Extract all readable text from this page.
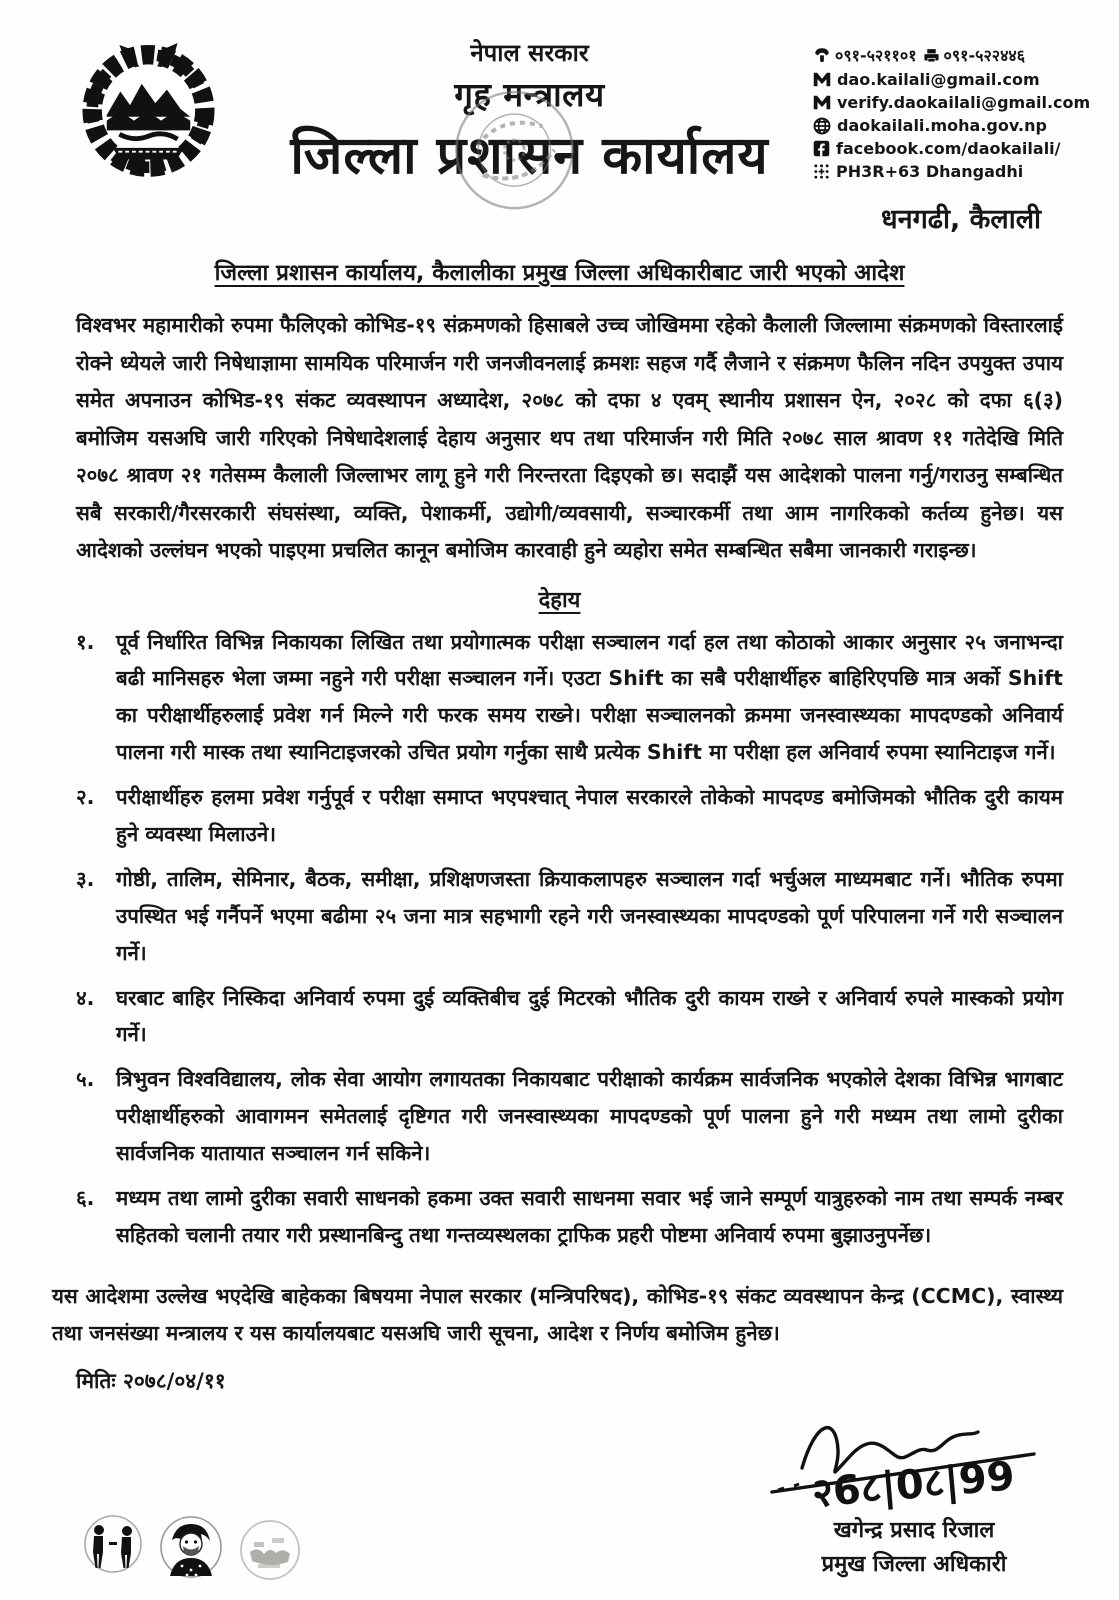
नेपाल सरकार
गृह मन्त्रालय
जिल्ला प्रशासन कार्यालय
०९१-५२११०१ ०९१-५२२४४६
dao.kailali@gmail.com
verify.daokailali@gmail.com
daokailali.moha.gov.np
facebook.com/daokailali/
PH3R+63 Dhangadhi
धनगढी, कैलाली
जिल्ला प्रशासन कार्यालय, कैलालीका प्रमुख जिल्ला अधिकारीबाट जारी भएको आदेश
विश्वभर महामारीको रुपमा फैलिएको कोभिड-१९ संक्रमणको हिसाबले उच्च जोखिममा रहेको कैलाली जिल्लामा संक्रमणको विस्तारलाई रोक्ने ध्येयले जारी निषेधाज्ञामा सामयिक परिमार्जन गरी जनजीवनलाई क्रमशः सहज गर्दै लैजाने र संक्रमण फैलिन नदिन उपयुक्त उपाय समेत अपनाउन कोभिड-१९ संकट व्यवस्थापन अध्यादेश, २०७८ को दफा ४ एवम् स्थानीय प्रशासन ऐन, २०२८ को दफा ६(३) बमोजिम यसअघि जारी गरिएको निषेधादेशलाई देहाय अनुसार थप तथा परिमार्जन गरी मिति २०७८ साल श्रावण ११ गतेदेखि मिति २०७८ श्रावण २१ गतेसम्म कैलाली जिल्लाभर लागू हुने गरी निरन्तरता दिइएको छ। सदाझैं यस आदेशको पालना गर्नु/गराउनु सम्बन्धित सबै सरकारी/गैरसरकारी संघसंस्था, व्यक्ति, पेशाकर्मी, उद्योगी/व्यवसायी, सञ्चारकर्मी तथा आम नागरिकको कर्तव्य हुनेछ। यस आदेशको उल्लंघन भएको पाइएमा प्रचलित कानून बमोजिम कारवाही हुने व्यहोरा समेत सम्बन्धित सबैमा जानकारी गराइन्छ।
देहाय
१.	पूर्व निर्धारित विभिन्न निकायका लिखित तथा प्रयोगात्मक परीक्षा सञ्चालन गर्दा हल तथा कोठाको आकार अनुसार २५ जनाभन्दा बढी मानिसहरु भेला जम्मा नहुने गरी परीक्षा सञ्चालन गर्ने। एउटा Shift का सबै परीक्षार्थीहरु बाहिरिएपछि मात्र अर्को Shift का परीक्षार्थीहरुलाई प्रवेश गर्न मिल्ने गरी फरक समय राख्ने। परीक्षा सञ्चालनको क्रममा जनस्वास्थ्यका मापदण्डको अनिवार्य पालना गरी मास्क तथा स्यानिटाइजरको उचित प्रयोग गर्नुका साथै प्रत्येक Shift मा परीक्षा हल अनिवार्य रुपमा स्यानिटाइज गर्ने।
२.	परीक्षार्थीहरु हलमा प्रवेश गर्नुपूर्व र परीक्षा समाप्त भएपश्चात् नेपाल सरकारले तोकेको मापदण्ड बमोजिमको भौतिक दुरी कायम हुने व्यवस्था मिलाउने।
३.	गोष्ठी, तालिम, सेमिनार, बैठक, समीक्षा, प्रशिक्षणजस्ता क्रियाकलापहरु सञ्चालन गर्दा भर्चुअल माध्यमबाट गर्ने। भौतिक रुपमा उपस्थित भई गर्नैपर्ने भएमा बढीमा २५ जना मात्र सहभागी रहने गरी जनस्वास्थ्यका मापदण्डको पूर्ण परिपालना गर्ने गरी सञ्चालन गर्ने।
४.	घरबाट बाहिर निस्किदा अनिवार्य रुपमा दुई व्यक्तिबीच दुई मिटरको भौतिक दुरी कायम राख्ने र अनिवार्य रुपले मास्कको प्रयोग गर्ने।
५.	त्रिभुवन विश्वविद्यालय, लोक सेवा आयोग लगायतका निकायबाट परीक्षाको कार्यक्रम सार्वजनिक भएकोले देशका विभिन्न भागबाट परीक्षार्थीहरुको आवागमन समेतलाई दृष्टिगत गरी जनस्वास्थ्यका मापदण्डको पूर्ण पालना हुने गरी मध्यम तथा लामो दुरीका सार्वजनिक यातायात सञ्चालन गर्न सकिने।
६.	मध्यम तथा लामो दुरीका सवारी साधनको हकमा उक्त सवारी साधनमा सवार भई जाने सम्पूर्ण यात्रुहरुको नाम तथा सम्पर्क नम्बर सहितको चलानी तयार गरी प्रस्थानबिन्दु तथा गन्तव्यस्थलका ट्राफिक प्रहरी पोष्टमा अनिवार्य रुपमा बुझाउनुपर्नेछ।
यस आदेशमा उल्लेख भएदेखि बाहेकका बिषयमा नेपाल सरकार (मन्त्रिपरिषद), कोभिड-१९ संकट व्यवस्थापन केन्द्र (CCMC), स्वास्थ्य तथा जनसंख्या मन्त्रालय र यस कार्यालयबाट यसअघि जारी सूचना, आदेश र निर्णय बमोजिम हुनेछ।
मितिः २०७८/०४/११
२6८|0८|99
खगेन्द्र प्रसाद रिजाल
प्रमुख जिल्ला अधिकारी
